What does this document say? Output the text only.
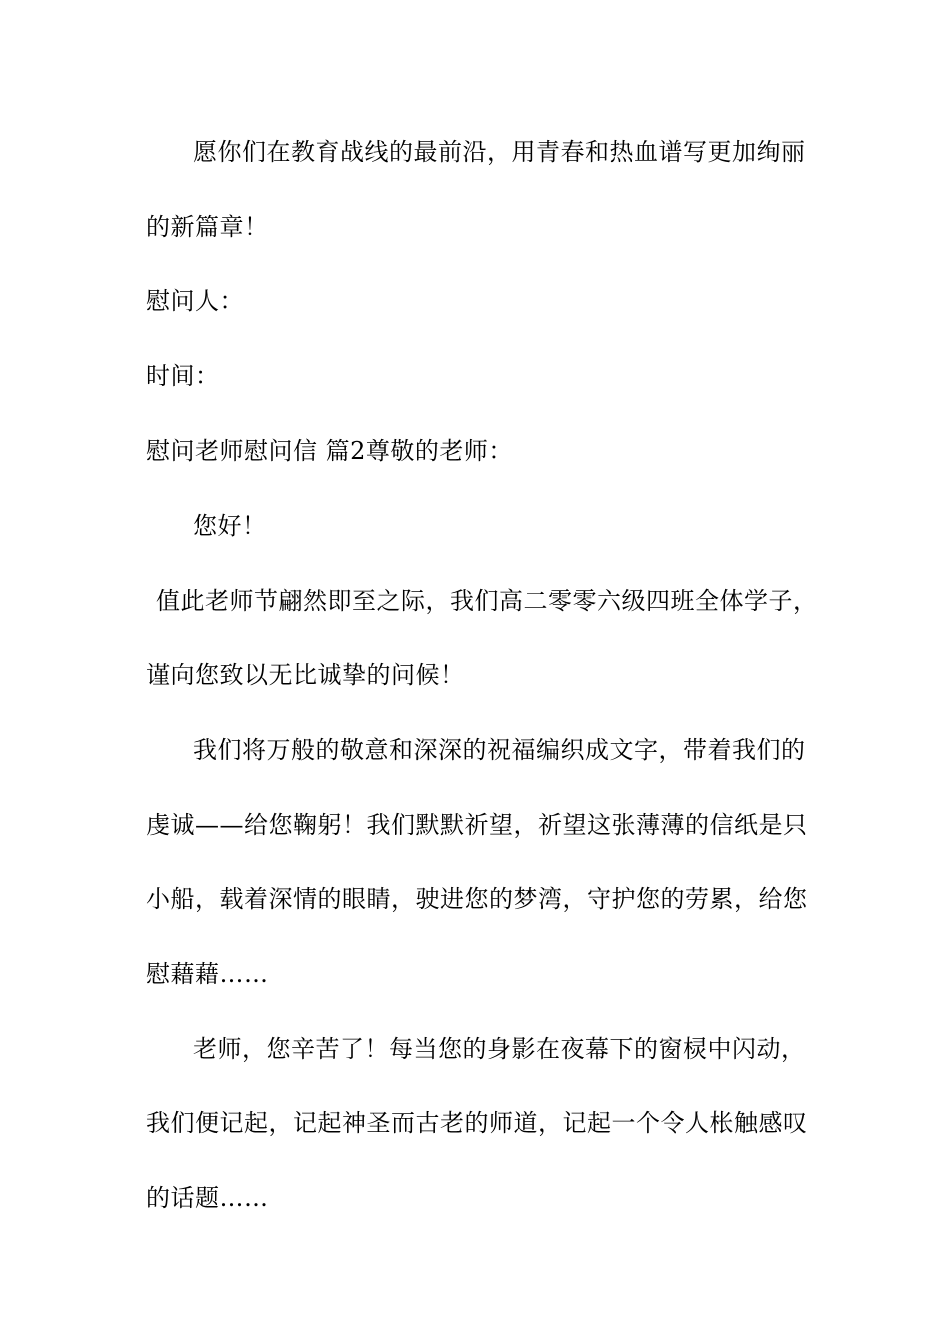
愿你们在教育战线的最前沿，用青春和热血谱写更加绚丽
的新篇章！
慰问人：
时间：
慰问老师慰问信 篇2尊敬的老师：
您好！
值此老师节翩然即至之际，我们高二零零六级四班全体学子，
谨向您致以无比诚挚的问候！
我们将万般的敬意和深深的祝福编织成文字，带着我们的
虔诚——给您鞠躬！我们默默祈望，祈望这张薄薄的信纸是只
小船，载着深情的眼睛，驶进您的梦湾，守护您的劳累，给您
慰藉藉……
老师，您辛苦了！每当您的身影在夜幕下的窗棂中闪动，
我们便记起，记起神圣而古老的师道，记起一个令人枨触感叹
的话题……
